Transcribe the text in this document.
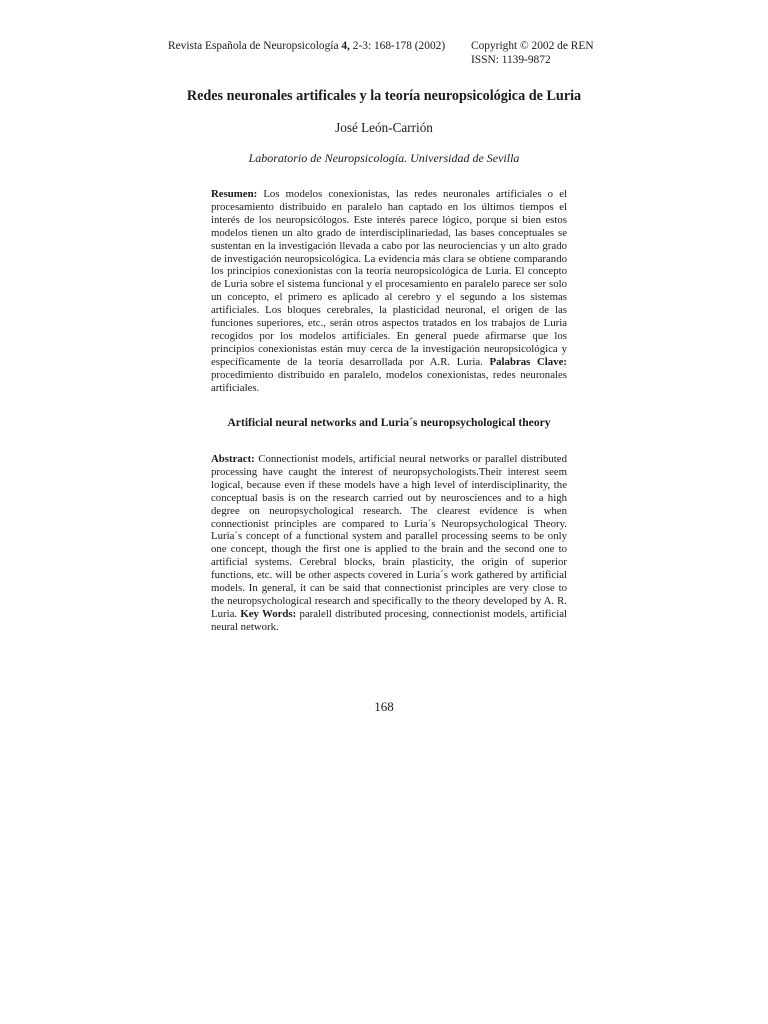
Revista Española de Neuropsicología 4, 2-3: 168-178 (2002) Copyright © 2002 de REN
ISSN: 1139-9872
Redes neuronales artificales y la teoría neuropsicológica de Luria
José León-Carrión
Laboratorio de Neuropsicología. Universidad de Sevilla

Resumen: Los modelos conexionistas, las redes neuronales artificiales o el procesamiento distribuido en paralelo han captado en los últimos tiempos el interés de los neuropsicólogos. Este interés parece lógico, porque si bien estos modelos tienen un alto grado de interdisciplinariedad, las bases conceptuales se sustentan en la investigación llevada a cabo por las neurociencias y un alto grado de investigación neuropsicológica. La evidencia más clara se obtiene comparando los principios conexionistas con la teoría neuropsicológica de Luria. El concepto de Luria sobre el sistema funcional y el procesamiento en paralelo parece ser solo un concepto, el primero es aplicado al cerebro y el segundo a los sistemas artificiales. Los bloques cerebrales, la plasticidad neuronal, el origen de las funciones superiores, etc., serán otros aspectos tratados en los trabajos de Luria recogidos por los modelos artificiales. En general puede afirmarse que los principios conexionistas están muy cerca de la investigación neuropsicológica y específicamente de la teoría desarrollada por A.R. Luria. Palabras Clave: procedimiento distribuido en paralelo, modelos conexionistas, redes neuronales artificiales.

Artificial neural networks and Luria´s neuropsychological theory

Abstract: Connectionist models, artificial neural networks or parallel distributed processing have caught the interest of neuropsychologists.Their interest seem logical, because even if these models have a high level of interdisciplinarity, the conceptual basis is on the research carried out by neurosciences and to a high degree on neuropsychological research. The clearest evidence is when connectionist principles are compared to Luria´s Neuropsychological Theory. Luria´s concept of a functional system and parallel processing seems to be only one concept, though the first one is applied to the brain and the second one to artificial systems. Cerebral blocks, brain plasticity, the origin of superior functions, etc. will be other aspects covered in Luria´s work gathered by artificial models. In general, it can be said that connectionist principles are very close to the neuropsychological research and specifically to the theory developed by A. R. Luria. Key Words: paralell distributed procesing, connectionist models, artificial neural network.

168
